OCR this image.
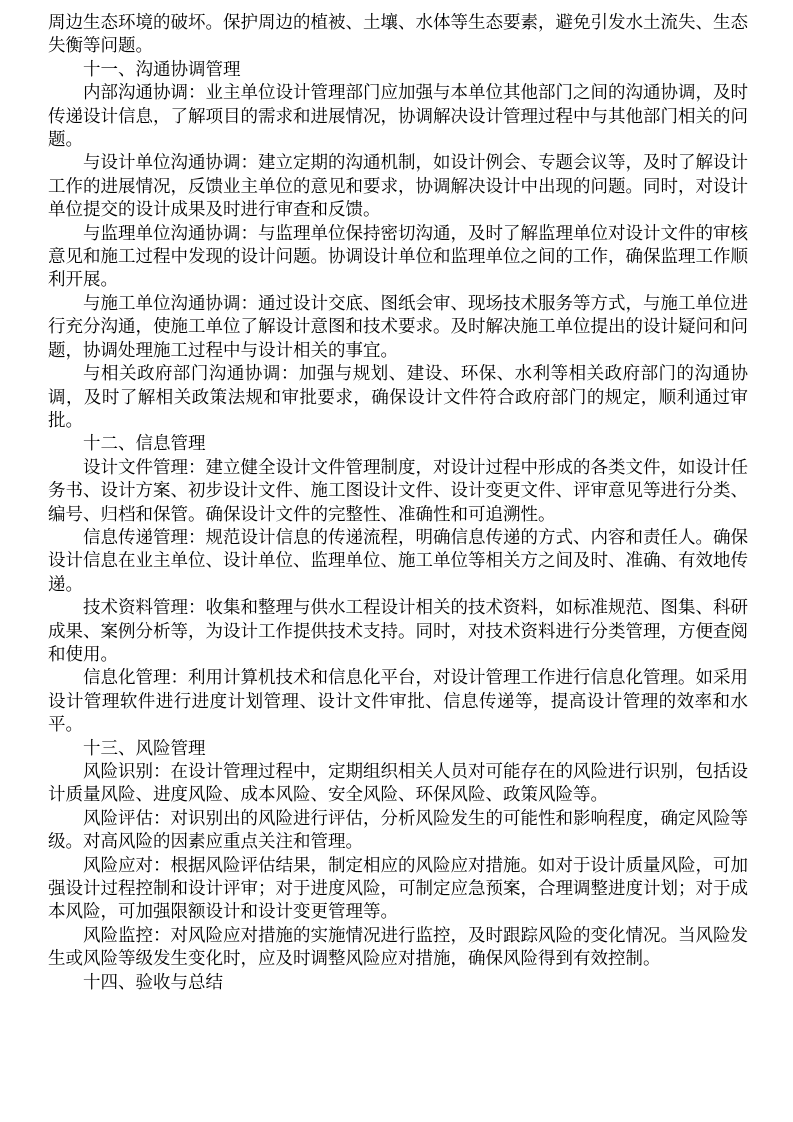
周边生态环境的破坏。保护周边的植被、土壤、水体等生态要素，避免引发水土流失、生态失衡等问题。

十一、沟通协调管理

内部沟通协调：业主单位设计管理部门应加强与本单位其他部门之间的沟通协调，及时传递设计信息，了解项目的需求和进展情况，协调解决设计管理过程中与其他部门相关的问题。

与设计单位沟通协调：建立定期的沟通机制，如设计例会、专题会议等，及时了解设计工作的进展情况，反馈业主单位的意见和要求，协调解决设计中出现的问题。同时，对设计单位提交的设计成果及时进行审查和反馈。

与监理单位沟通协调：与监理单位保持密切沟通，及时了解监理单位对设计文件的审核意见和施工过程中发现的设计问题。协调设计单位和监理单位之间的工作，确保监理工作顺利开展。

与施工单位沟通协调：通过设计交底、图纸会审、现场技术服务等方式，与施工单位进行充分沟通，使施工单位了解设计意图和技术要求。及时解决施工单位提出的设计疑问和问题，协调处理施工过程中与设计相关的事宜。

与相关政府部门沟通协调：加强与规划、建设、环保、水利等相关政府部门的沟通协调，及时了解相关政策法规和审批要求，确保设计文件符合政府部门的规定，顺利通过审批。

十二、信息管理

设计文件管理：建立健全设计文件管理制度，对设计过程中形成的各类文件，如设计任务书、设计方案、初步设计文件、施工图设计文件、设计变更文件、评审意见等进行分类、编号、归档和保管。确保设计文件的完整性、准确性和可追溯性。

信息传递管理：规范设计信息的传递流程，明确信息传递的方式、内容和责任人。确保设计信息在业主单位、设计单位、监理单位、施工单位等相关方之间及时、准确、有效地传递。

技术资料管理：收集和整理与供水工程设计相关的技术资料，如标准规范、图集、科研成果、案例分析等，为设计工作提供技术支持。同时，对技术资料进行分类管理，方便查阅和使用。

信息化管理：利用计算机技术和信息化平台，对设计管理工作进行信息化管理。如采用设计管理软件进行进度计划管理、设计文件审批、信息传递等，提高设计管理的效率和水平。

十三、风险管理

风险识别：在设计管理过程中，定期组织相关人员对可能存在的风险进行识别，包括设计质量风险、进度风险、成本风险、安全风险、环保风险、政策风险等。

风险评估：对识别出的风险进行评估，分析风险发生的可能性和影响程度，确定风险等级。对高风险的因素应重点关注和管理。

风险应对：根据风险评估结果，制定相应的风险应对措施。如对于设计质量风险，可加强设计过程控制和设计评审；对于进度风险，可制定应急预案，合理调整进度计划；对于成本风险，可加强限额设计和设计变更管理等。

风险监控：对风险应对措施的实施情况进行监控，及时跟踪风险的变化情况。当风险发生或风险等级发生变化时，应及时调整风险应对措施，确保风险得到有效控制。

十四、验收与总结
